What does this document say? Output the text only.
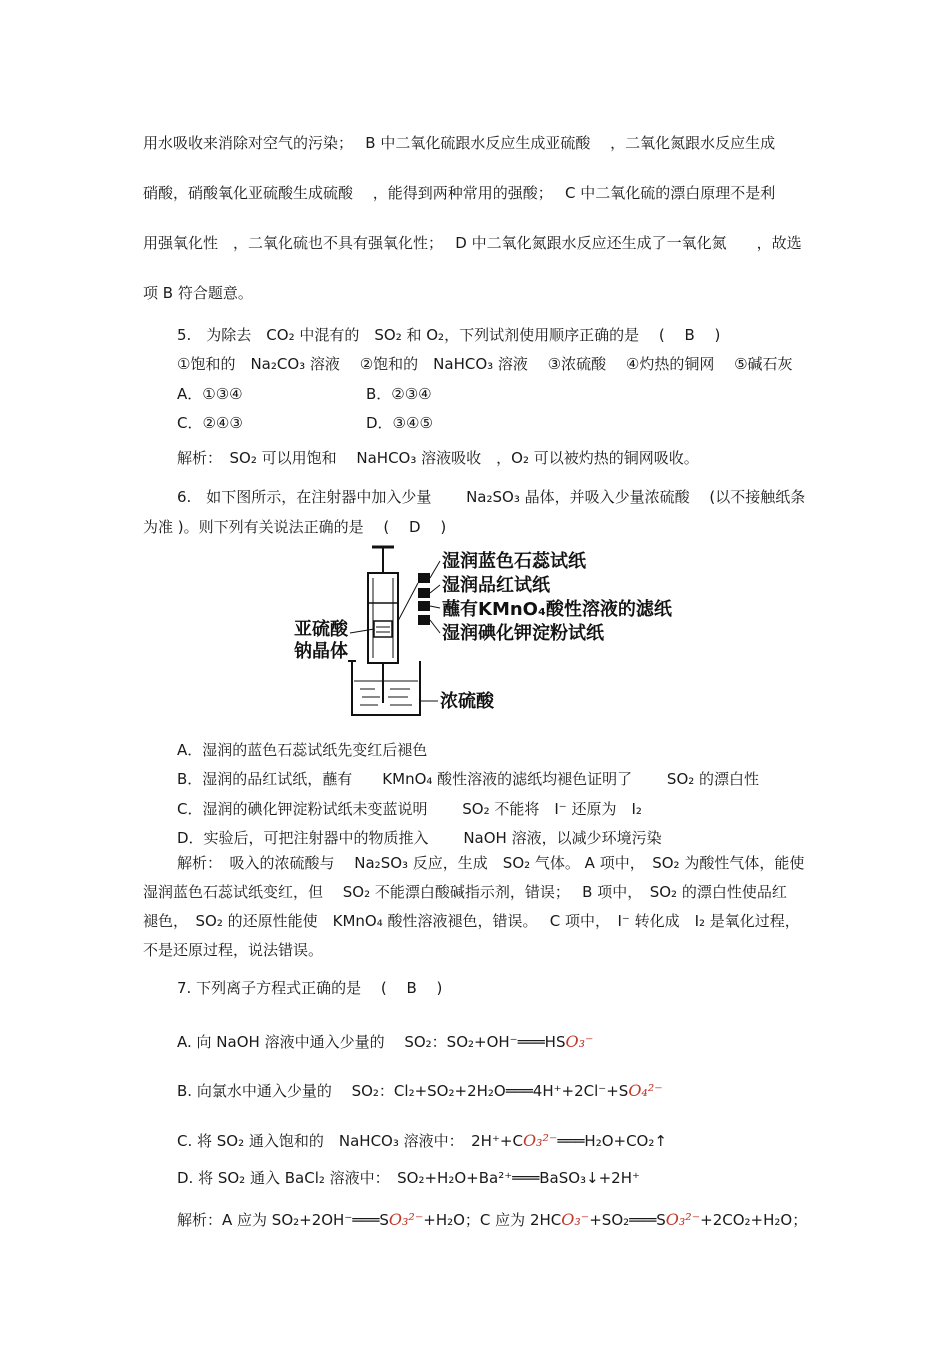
用水吸收来消除对空气的污染；　 B 中二氧化硫跟水反应生成亚硫酸　 ，二氧化氮跟水反应生成
硝酸，硝酸氧化亚硫酸生成硫酸　 ，能得到两种常用的强酸；　 C 中二氧化硫的漂白原理不是利
用强氧化性　，二氧化硫也不具有强氧化性；　 D 中二氧化氮跟水反应还生成了一氧化氮　　，故选
项 B 符合题意。
5.　为除去　CO₂ 中混有的　SO₂ 和 O₂，下列试剂使用顺序正确的是　 (　 B　 )
①饱和的　Na₂CO₃ 溶液　 ②饱和的　NaHCO₃ 溶液　 ③浓硫酸　 ④灼热的铜网　 ⑤碱石灰
A．①③④	B．②③④
C．②④③	D．③④⑤
解析：　SO₂ 可以用饱和　 NaHCO₃ 溶液吸收　，O₂ 可以被灼热的铜网吸收。
6.　如下图所示，在注射器中加入少量　　 Na₂SO₃ 晶体，并吸入少量浓硫酸　 (以不接触纸条
为准 )。则下列有关说法正确的是　 (　 D　 )
湿润蓝色石蕊试纸
湿润品红试纸
蘸有KMnO₄酸性溶液的滤纸
湿润碘化钾淀粉试纸
亚硫酸
钠晶体
浓硫酸
A．湿润的蓝色石蕊试纸先变红后褪色
B．湿润的品红试纸，蘸有　　KMnO₄ 酸性溶液的滤纸均褪色证明了　　 SO₂ 的漂白性
C．湿润的碘化钾淀粉试纸未变蓝说明　　 SO₂ 不能将　I⁻ 还原为　I₂
D．实验后，可把注射器中的物质推入　　 NaOH 溶液，以减少环境污染
解析：　吸入的浓硫酸与　 Na₂SO₃ 反应，生成　SO₂ 气体。 A 项中，　SO₂ 为酸性气体，能使
湿润蓝色石蕊试纸变红，但　 SO₂ 不能漂白酸碱指示剂，错误；　 B 项中，　SO₂ 的漂白性使品红
褪色，　SO₂ 的还原性能使　KMnO₄ 酸性溶液褪色，错误。　 C 项中，　I⁻ 转化成　I₂ 是氧化过程，
不是还原过程，说法错误。
7. 下列离子方程式正确的是　 (　 B　 )
A. 向 NaOH 溶液中通入少量的　 SO₂：SO₂+OH⁻═══HSO₃⁻
B. 向氯水中通入少量的　 SO₂：Cl₂+SO₂+2H₂O═══4H⁺+2Cl⁻+SO₄²⁻
C. 将 SO₂ 通入饱和的　NaHCO₃ 溶液中：　2H⁺+CO₃²⁻═══H₂O+CO₂↑
D. 将 SO₂ 通入 BaCl₂ 溶液中：　SO₂+H₂O+Ba²⁺═══BaSO₃↓+2H⁺
解析：A 应为 SO₂+2OH⁻═══SO₃²⁻+H₂O；C 应为 2HCO₃⁻+SO₂═══SO₃²⁻+2CO₂+H₂O；
